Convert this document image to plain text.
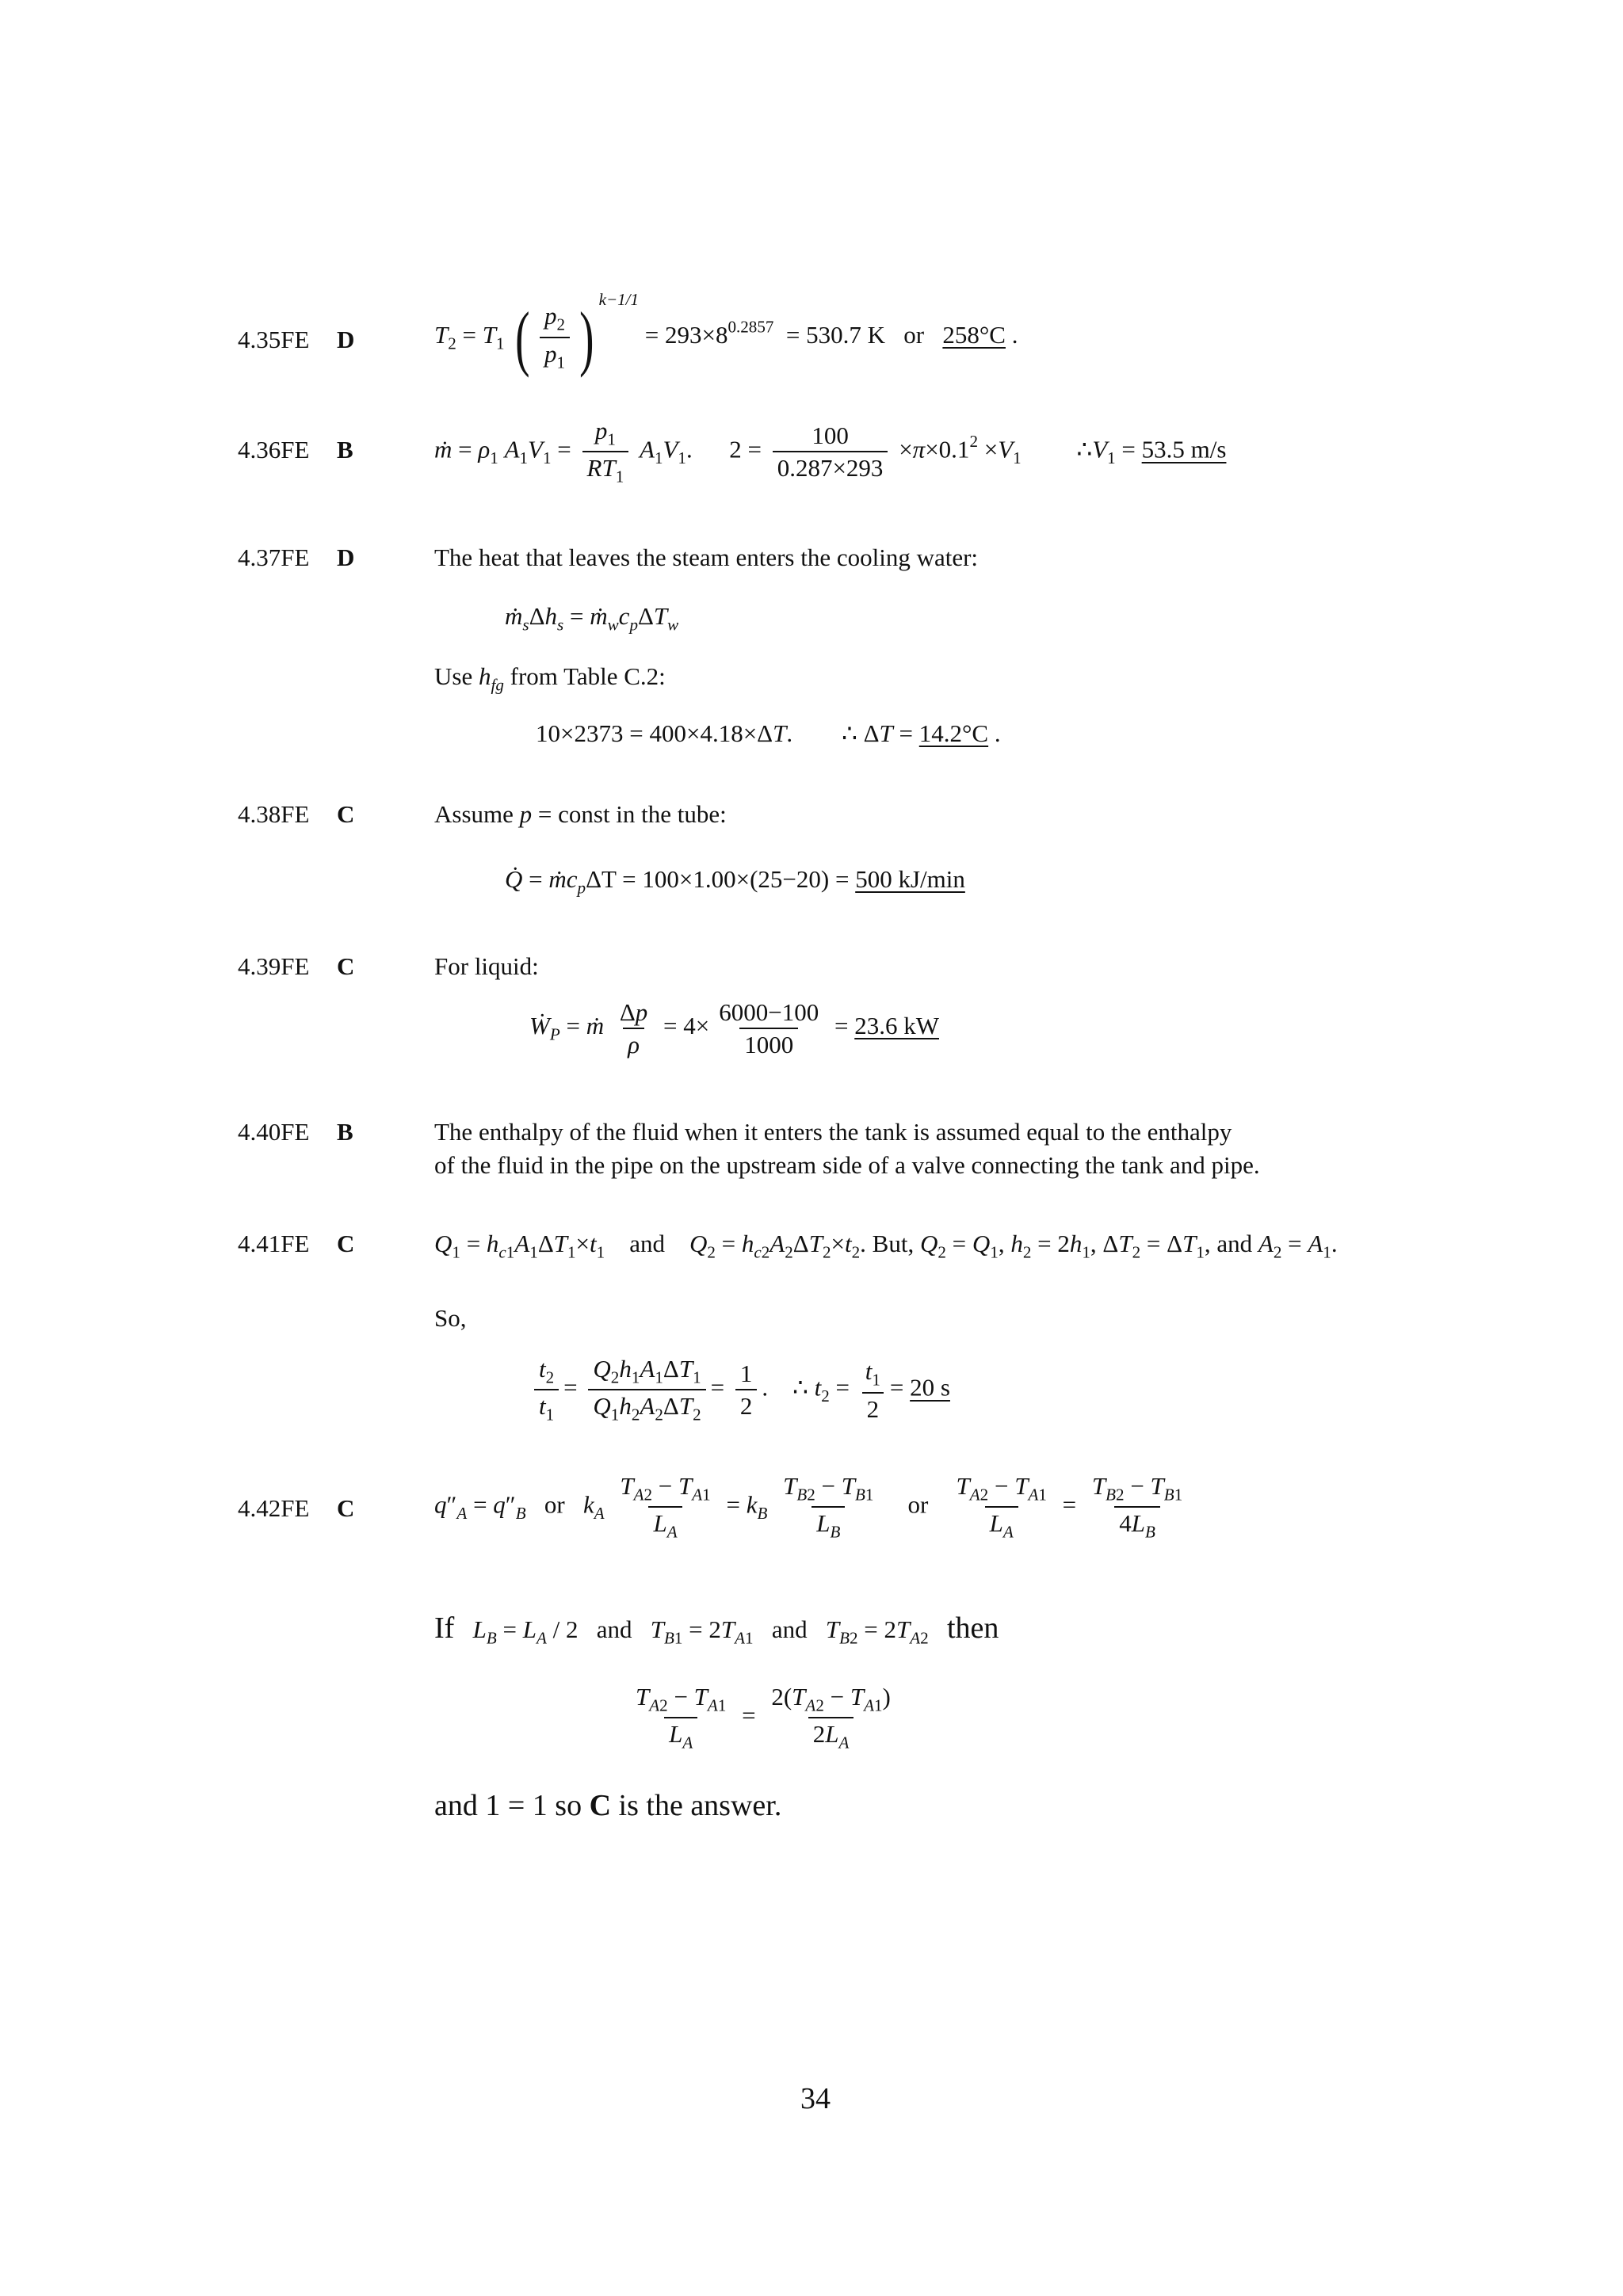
4.35FE D
4.36FE B
4.37FE D
4.38FE C
4.39FE C
4.40FE B
4.41FE C
4.42FE C
$T_2 = T_1$ ( $\frac{p_2}{p_1}$ ) $^{k-1/1} = 293\times 8^{0.2857} = 530.7$ K or 258°C .
ṁ = $\rho_1$ $A_1V_1 = \frac{p_1}{RT_1} A_1V_1$.      $2 = \frac{100}{0.287\times 293} \times\pi\times 0.1^2 \times V_1$         $\therefore V_1 = 53.5$ m/s
The heat that leaves the steam enters the cooling water:
$ṁ_s\Delta h_s$ = $ṁ_wc_p\Delta T_w$
Use $h_{fg}$ from Table C.2:
10×2373 = 400×4.18×ΔT.        ∴ ΔT = 14.2°C .
Assume p = const in the tube:
Q̇ = $ṁc_p\Delta T = 100\times 1.00\times(25-20) = 500$ kJ/min
For liquid:
$Ẇ_P$ = ṁ $\frac{\Delta p}{\rho} = 4\times \frac{6000-100}{1000} = 23.6$ kW
The enthalpy of the fluid when it enters the tank is assumed equal to the enthalpy
of the fluid in the pipe on the upstream side of a valve connecting the tank and pipe.
$Q_1 = h_{c1}A_1\Delta T_1\times t_1$ and $Q_2 = h_{c2}A_2\Delta T_2\times t_2$. But, $Q_2 = Q_1$, $h_2 = 2h_1$, $\Delta T_2 = \Delta T_1$, and $A_2 = A_1$.
So,
$\frac{t_2}{t_1} = \frac{Q_2h_1A_1\Delta T_1}{Q_1h_2A_2\Delta T_2} = \frac{1}{2}$ .    ∴ $t_2 = \frac{t_1}{2} = 20$ s
$q''_A = q''_B$ or $k_A \frac{T_{A2} - T_{A1}}{L_A} = k_B \frac{T_{B2} - T_{B1}}{L_B}$ or $\frac{T_{A2} - T_{A1}}{L_A} = \frac{T_{B2} - T_{B1}}{4L_B}$
If $L_B = L_A / 2$   and $T_{B1} = 2T_{A1}$ and $T_{B2} = 2T_{A2}$ then
$\frac{T_{A2} - T_{A1}}{L_A} = \frac{2(T_{A2} - T_{A1})}{2L_A}$
and 1 = 1 so C is the answer.
34
